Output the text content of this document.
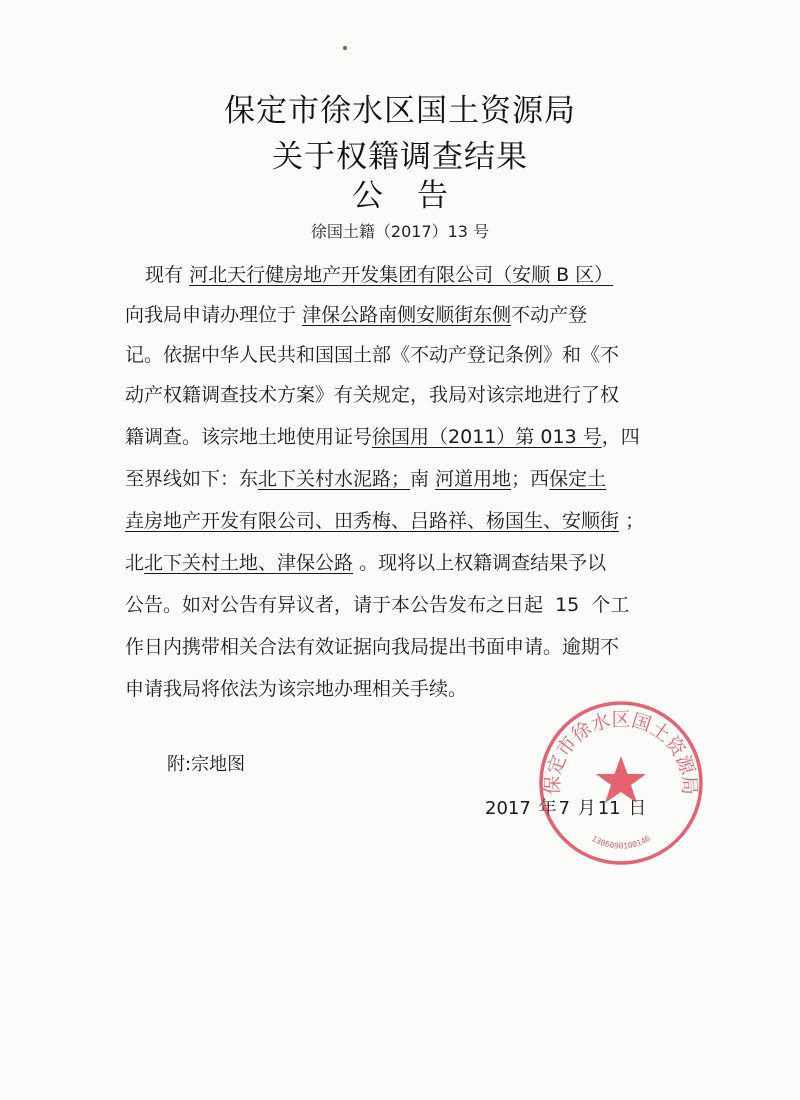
保定市徐水区国土资源局
关于权籍调查结果
公告
徐国土籍（2017）13 号
现有 河北天行健房地产开发集团有限公司（安顺 B 区）
向我局申请办理位于 津保公路南侧安顺街东侧不动产登
记。依据中华人民共和国国土部《不动产登记条例》和《不
动产权籍调查技术方案》有关规定，我局对该宗地进行了权
籍调查。该宗地土地使用证号徐国用（2011）第 013 号，四
至界线如下：东北下关村水泥路；南 河道用地；西保定土
垚房地产开发有限公司、田秀梅、吕路祥、杨国生、安顺街 ；
北北下关村土地、津保公路 。现将以上权籍调查结果予以
公告。如对公告有异议者，请于本公告发布之日起  15  个工
作日内携带相关合法有效证据向我局提出书面申请。逾期不
申请我局将依法为该宗地办理相关手续。
附:宗地图
2017 年 7 月 11 日
保定市徐水区国土资源局
1306090100146
